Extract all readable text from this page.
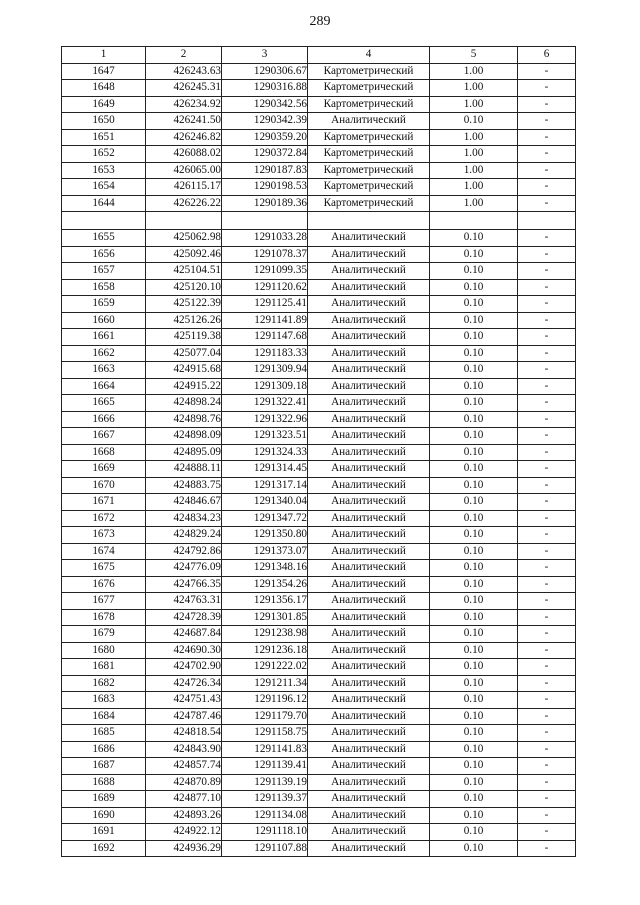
289
1	2	3	4	5	6
1647	426243.63	1290306.67	Картометрический	1.00	-
1648	426245.31	1290316.88	Картометрический	1.00	-
1649	426234.92	1290342.56	Картометрический	1.00	-
1650	426241.50	1290342.39	Аналитический	0.10	-
1651	426246.82	1290359.20	Картометрический	1.00	-
1652	426088.02	1290372.84	Картометрический	1.00	-
1653	426065.00	1290187.83	Картометрический	1.00	-
1654	426115.17	1290198.53	Картометрический	1.00	-
1644	426226.22	1290189.36	Картометрический	1.00	-

1655	425062.98	1291033.28	Аналитический	0.10	-
1656	425092.46	1291078.37	Аналитический	0.10	-
1657	425104.51	1291099.35	Аналитический	0.10	-
1658	425120.10	1291120.62	Аналитический	0.10	-
1659	425122.39	1291125.41	Аналитический	0.10	-
1660	425126.26	1291141.89	Аналитический	0.10	-
1661	425119.38	1291147.68	Аналитический	0.10	-
1662	425077.04	1291183.33	Аналитический	0.10	-
1663	424915.68	1291309.94	Аналитический	0.10	-
1664	424915.22	1291309.18	Аналитический	0.10	-
1665	424898.24	1291322.41	Аналитический	0.10	-
1666	424898.76	1291322.96	Аналитический	0.10	-
1667	424898.09	1291323.51	Аналитический	0.10	-
1668	424895.09	1291324.33	Аналитический	0.10	-
1669	424888.11	1291314.45	Аналитический	0.10	-
1670	424883.75	1291317.14	Аналитический	0.10	-
1671	424846.67	1291340.04	Аналитический	0.10	-
1672	424834.23	1291347.72	Аналитический	0.10	-
1673	424829.24	1291350.80	Аналитический	0.10	-
1674	424792.86	1291373.07	Аналитический	0.10	-
1675	424776.09	1291348.16	Аналитический	0.10	-
1676	424766.35	1291354.26	Аналитический	0.10	-
1677	424763.31	1291356.17	Аналитический	0.10	-
1678	424728.39	1291301.85	Аналитический	0.10	-
1679	424687.84	1291238.98	Аналитический	0.10	-
1680	424690.30	1291236.18	Аналитический	0.10	-
1681	424702.90	1291222.02	Аналитический	0.10	-
1682	424726.34	1291211.34	Аналитический	0.10	-
1683	424751.43	1291196.12	Аналитический	0.10	-
1684	424787.46	1291179.70	Аналитический	0.10	-
1685	424818.54	1291158.75	Аналитический	0.10	-
1686	424843.90	1291141.83	Аналитический	0.10	-
1687	424857.74	1291139.41	Аналитический	0.10	-
1688	424870.89	1291139.19	Аналитический	0.10	-
1689	424877.10	1291139.37	Аналитический	0.10	-
1690	424893.26	1291134.08	Аналитический	0.10	-
1691	424922.12	1291118.10	Аналитический	0.10	-
1692	424936.29	1291107.88	Аналитический	0.10	-
